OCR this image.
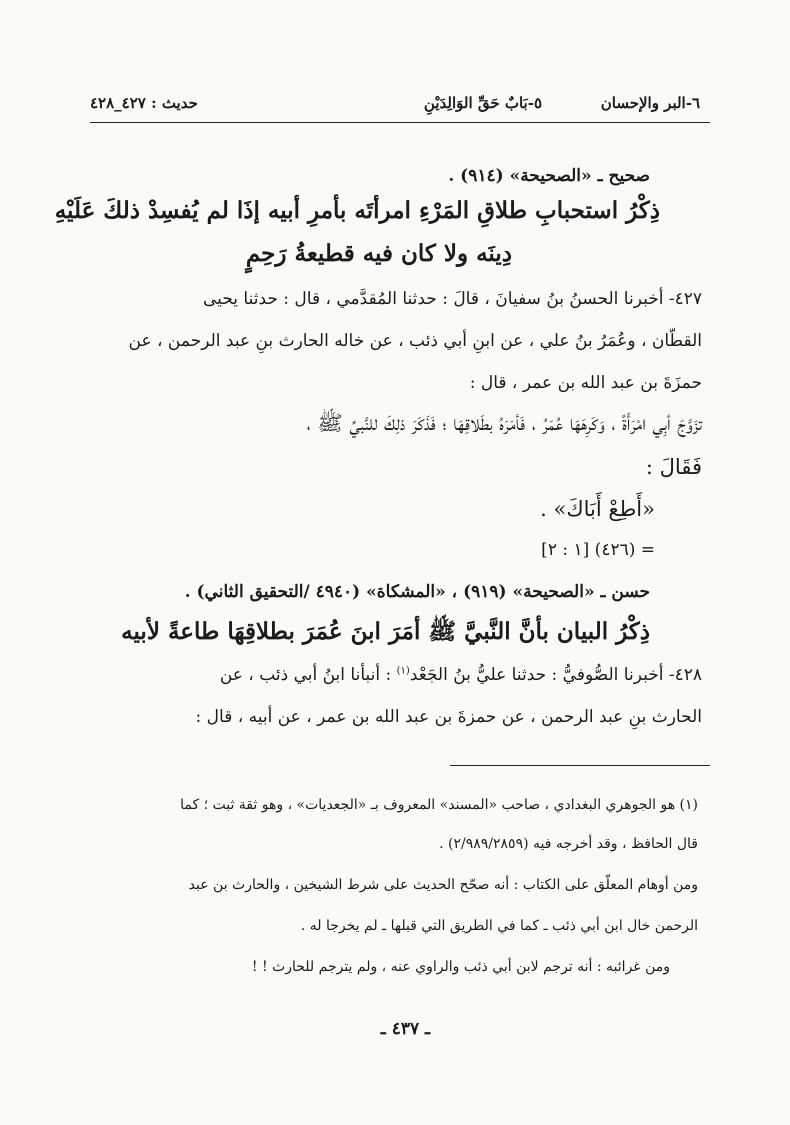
٦-البر والإحسان
٥-بَابٌ حَقِّ الوَالِدَيْنِ
حديث : ٤٢٧_٤٢٨
صحيح ـ «الصحيحة» (٩١٤) .
ذِكْرُ استحبابِ طلاقِ المَرْءِ امرأتَه بأمرِ أبيه إذَا لم يُفسِدْ ذلكَ عَلَيْهِ
دِينَه ولا كان فيه قطيعةُ رَحِمٍ
٤٢٧- أخبرنا الحسنُ بنُ سفيانَ ، قالَ : حدثنا المُقدَّمي ، قال : حدثنا يحيى
القطّان ، وعُمَرُ بنُ علي ، عن ابنِ أبي ذئب ، عن خاله الحارث بنِ عبد الرحمن ، عن
حمزَةَ بن عبد الله بن عمر ، قال :
تزَوَّجَ أبِي امْرَأَةً ، وَكَرِهَهَا عُمَرُ ، فَأمَرَهُ بطَلاقِهَا ؛ فَذَكَرَ ذلِكَ للنَّبيِّ ﷺ ،
فَقَالَ :
«أَطِعْ أَبَاكَ» .
= (٤٢٦) [١ : ٢]
حسن ـ «الصحيحة» (٩١٩) ، «المشكاة» (٤٩٤٠ /التحقيق الثاني) .
ذِكْرُ البيان بأنَّ النَّبيَّ ﷺ أمَرَ ابنَ عُمَرَ بطلاقِهَا طاعةً لأبيه
٤٢٨- أخبرنا الصُّوفيُّ : حدثنا عليُّ بنُ الجَعْد$^{(١)}$ : أنبأنا ابنُ أبي ذئب ، عن
الحارث بنِ عبد الرحمن ، عن حمزةَ بن عبد الله بن عمر ، عن أبيه ، قال :
(١) هو الجوهري البغدادي ، صاحب «المسند» المعروف بـ «الجعديات» ، وهو ثقة ثبت ؛ كما
قال الحافظ ، وقد أخرجه فيه (٢/٩٨٩/٢٨٥٩) .
ومن أوهام المعلّق على الكتاب : أنه صحّح الحديث على شرط الشيخين ، والحارث بن عبد
الرحمن خال ابن أبي ذئب ـ كما في الطريق التي قبلها ـ لم يخرجا له .
ومن غرائبه : أنه ترجم لابن أبي ذئب والراوي عنه ، ولم يترجم للحارث ! !
ـ ٤٣٧ ـ
